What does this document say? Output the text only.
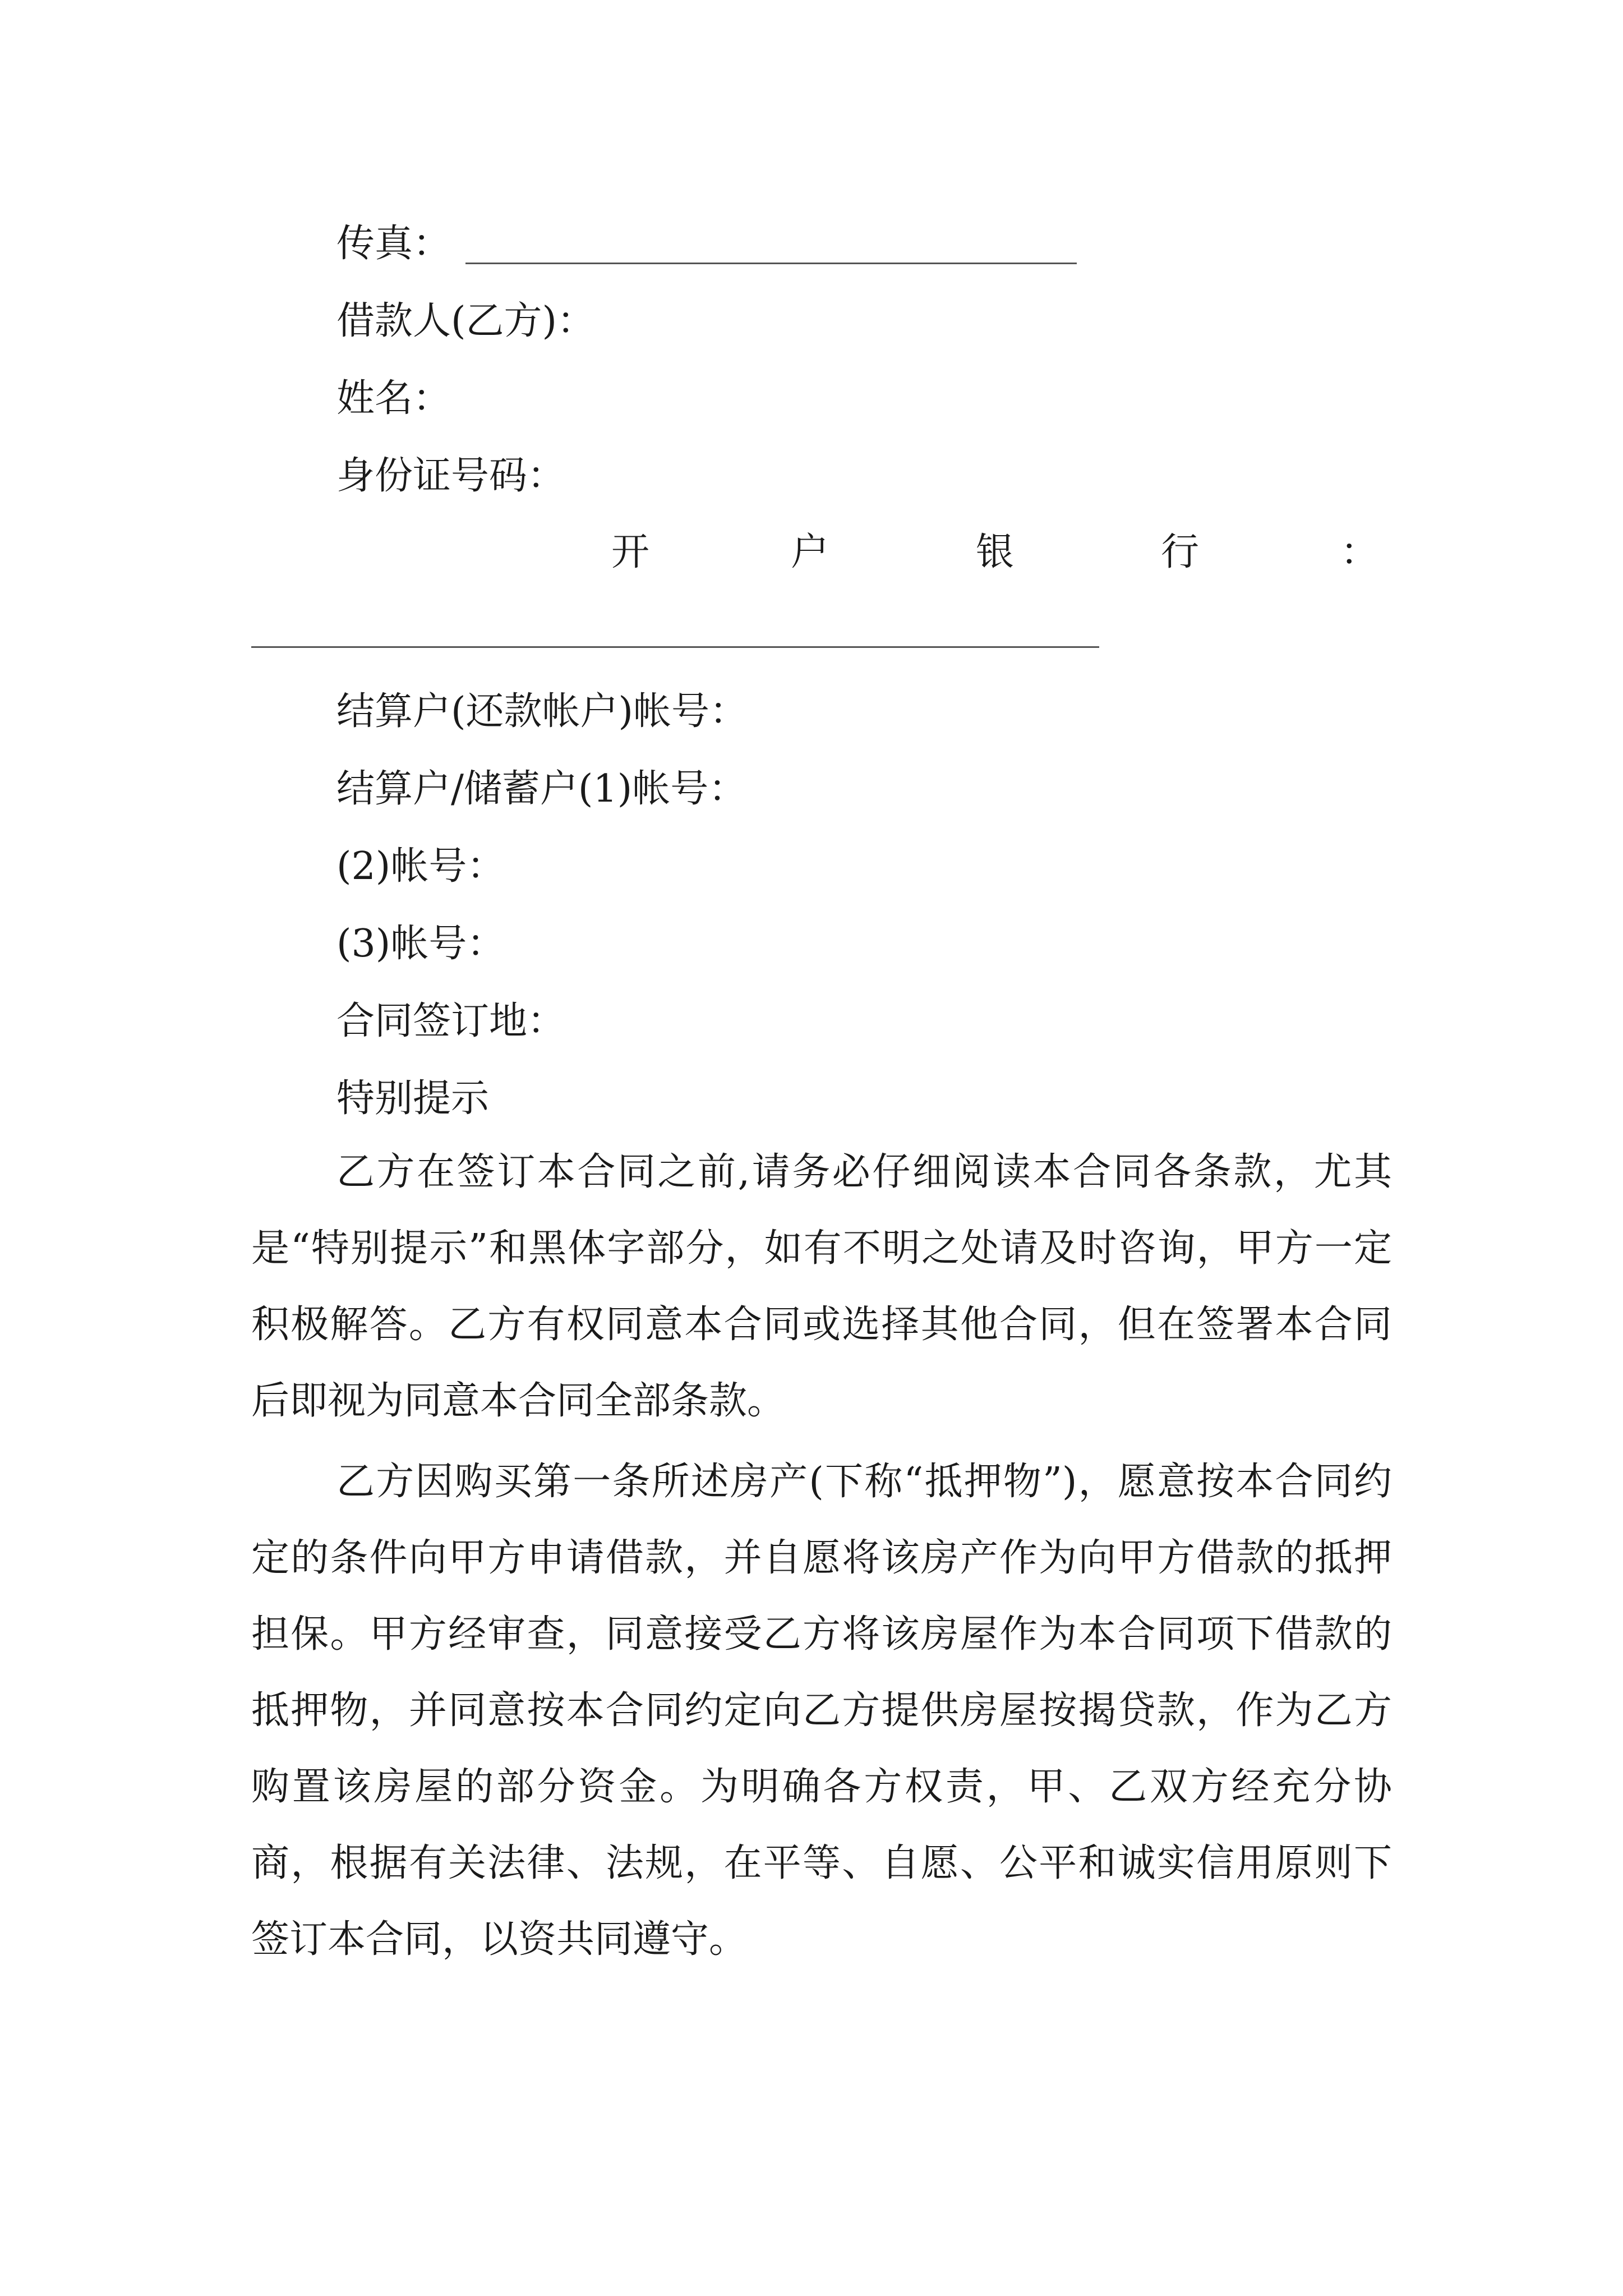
传真：
借款人(乙方)：
姓名：
身份证号码：
开	户	银	行	：
结算户(还款帐户)帐号：
结算户/储蓄户(1)帐号：
(2)帐号：
(3)帐号：
合同签订地：
特别提示
乙方在签订本合同之前,请务必仔细阅读本合同各条款，尤其是“特别提示”和黑体字部分，如有不明之处请及时咨询，甲方一定积极解答。乙方有权同意本合同或选择其他合同，但在签署本合同后即视为同意本合同全部条款。
乙方因购买第一条所述房产(下称“抵押物”)，愿意按本合同约定的条件向甲方申请借款，并自愿将该房产作为向甲方借款的抵押担保。甲方经审查，同意接受乙方将该房屋作为本合同项下借款的抵押物，并同意按本合同约定向乙方提供房屋按揭贷款，作为乙方购置该房屋的部分资金。为明确各方权责，甲、乙双方经充分协商，根据有关法律、法规，在平等、自愿、公平和诚实信用原则下签订本合同，以资共同遵守。
